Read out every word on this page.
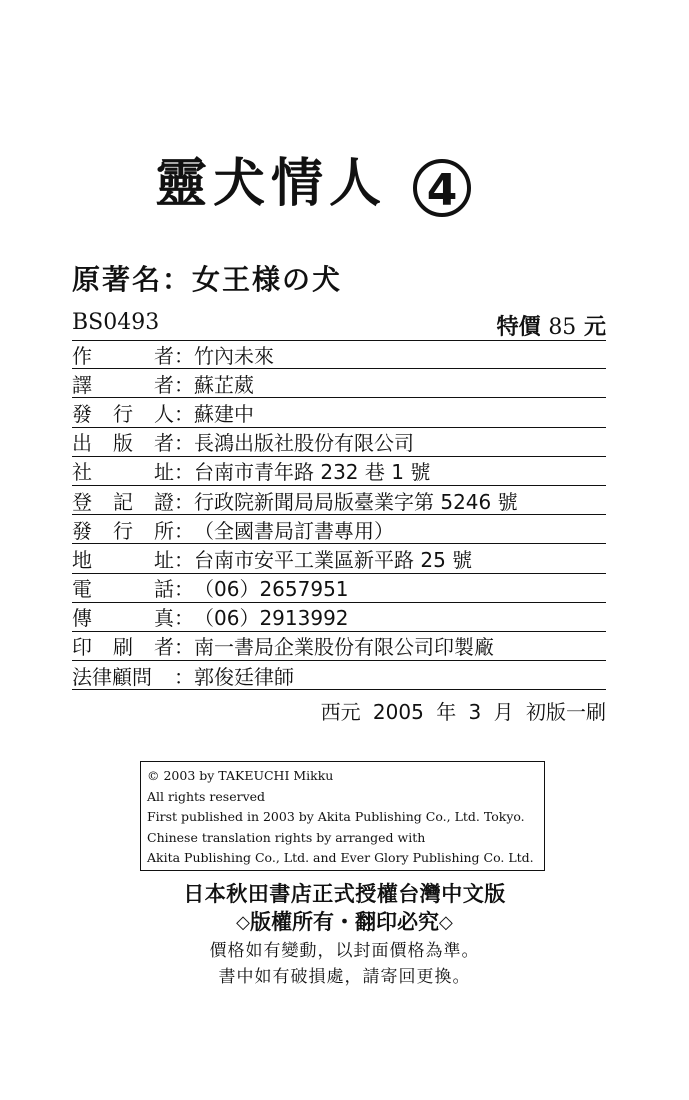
靈犬情人 4
原著名：女王様の犬
BS0493	特價 85 元
作	者 ： 竹內未來
譯	者 ： 蘇芷葳
發 行 人 ： 蘇建中
出 版 者 ： 長鴻出版社股份有限公司
社	址 ： 台南市青年路 232 巷 1 號
登 記 證 ： 行政院新聞局局版臺業字第 5246 號
發 行 所 ： （全國書局訂書專用）
地	址 ： 台南市安平工業區新平路 25 號
電	話 ： （06）2657951
傳	真 ： （06）2913992
印 刷 者 ： 南一書局企業股份有限公司印製廠
法律顧問 ： 郭俊廷律師
西元 2005 年 3 月 初版一刷
© 2003 by TAKEUCHI Mikku
All rights reserved
First published in 2003 by Akita Publishing Co., Ltd. Tokyo.
Chinese translation rights by arranged with
Akita Publishing Co., Ltd. and Ever Glory Publishing Co. Ltd.
日本秋田書店正式授權台灣中文版
◇版權所有・翻印必究◇
價格如有變動，以封面價格為準。
書中如有破損處，請寄回更換。
